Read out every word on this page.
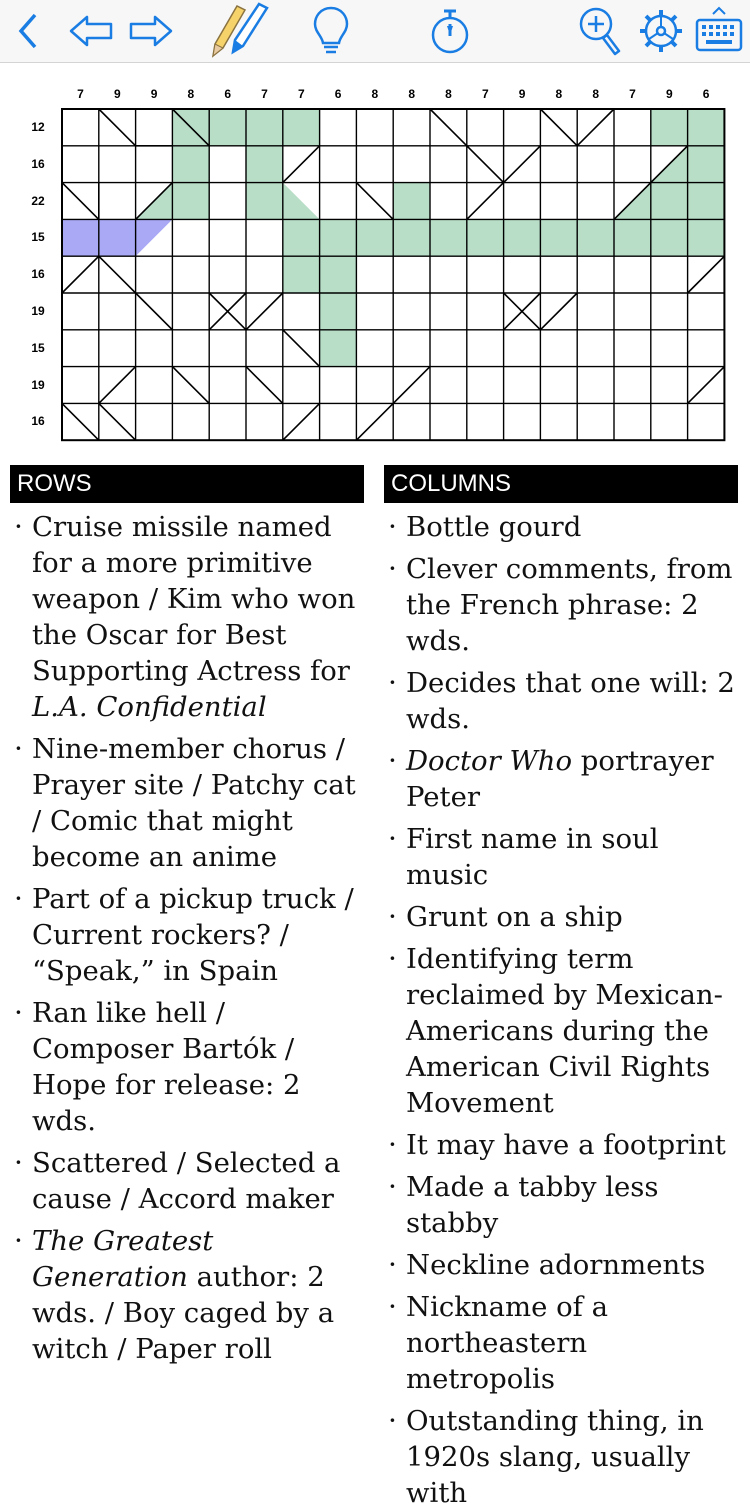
7	9	9	8	6	7	7	6	8	8	8	7	9	8	8	7	9	6
12
16
22
15
16
19
15
19
16
ROWS
· Cruise missile named for a more primitive weapon / Kim who won the Oscar for Best Supporting Actress for L.A. Confidential
· Nine-member chorus / Prayer site / Patchy cat / Comic that might become an anime
· Part of a pickup truck / Current rockers? / “Speak,” in Spain
· Ran like hell / Composer Bartók / Hope for release: 2 wds.
· Scattered / Selected a cause / Accord maker
· The Greatest Generation author: 2 wds. / Boy caged by a witch / Paper roll
COLUMNS
· Bottle gourd
· Clever comments, from the French phrase: 2 wds.
· Decides that one will: 2 wds.
· Doctor Who portrayer Peter
· First name in soul music
· Grunt on a ship
· Identifying term reclaimed by Mexican-Americans during the American Civil Rights Movement
· It may have a footprint
· Made a tabby less stabby
· Neckline adornments
· Nickname of a northeastern metropolis
· Outstanding thing, in 1920s slang, usually with
